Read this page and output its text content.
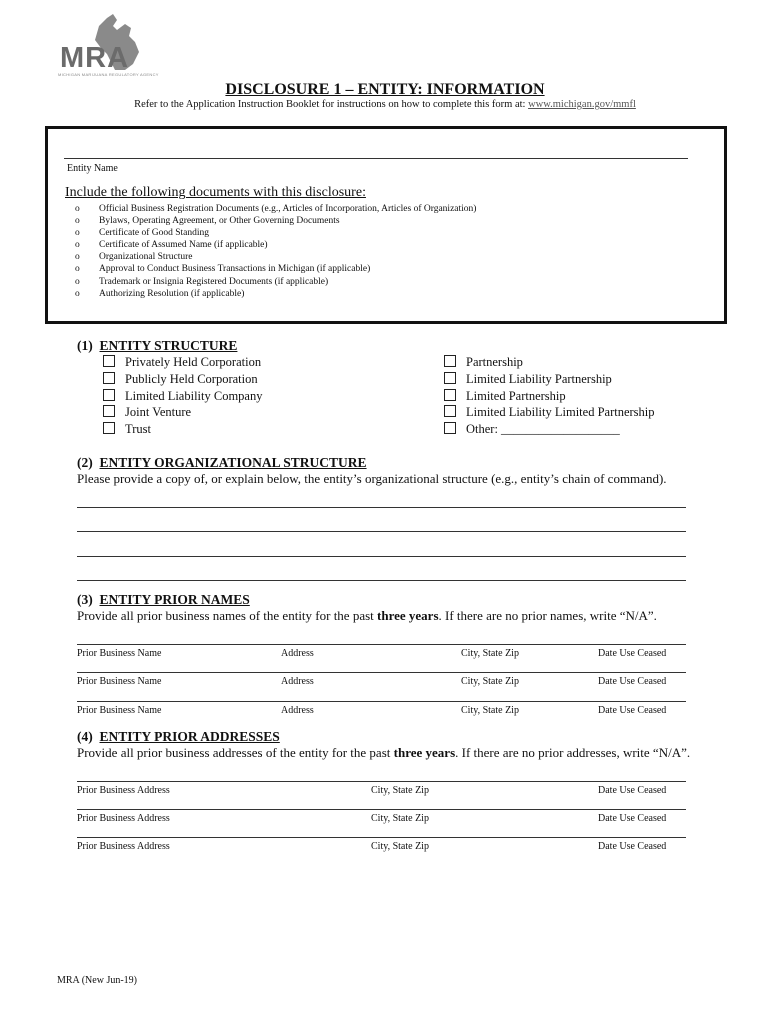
MRA
MICHIGAN MARIJUANA REGULATORY AGENCY
DISCLOSURE 1 – ENTITY: INFORMATION
Refer to the Application Instruction Booklet for instructions on how to complete this form at: www.michigan.gov/mmfl
Entity Name
Include the following documents with this disclosure:
o Official Business Registration Documents (e.g., Articles of Incorporation, Articles of Organization)
o Bylaws, Operating Agreement, or Other Governing Documents
o Certificate of Good Standing
o Certificate of Assumed Name (if applicable)
o Organizational Structure
o Approval to Conduct Business Transactions in Michigan (if applicable)
o Trademark or Insignia Registered Documents (if applicable)
o Authorizing Resolution (if applicable)
(1) ENTITY STRUCTURE
Privately Held Corporation
Publicly Held Corporation
Limited Liability Company
Joint Venture
Trust
Partnership
Limited Liability Partnership
Limited Partnership
Limited Liability Limited Partnership
Other: ___________________
(2) ENTITY ORGANIZATIONAL STRUCTURE
Please provide a copy of, or explain below, the entity’s organizational structure (e.g., entity’s chain of command).
(3) ENTITY PRIOR NAMES
Provide all prior business names of the entity for the past three years. If there are no prior names, write “N/A”.
Prior Business Name	Address	City, State Zip	Date Use Ceased
Prior Business Name	Address	City, State Zip	Date Use Ceased
Prior Business Name	Address	City, State Zip	Date Use Ceased
(4) ENTITY PRIOR ADDRESSES
Provide all prior business addresses of the entity for the past three years. If there are no prior addresses, write “N/A”.
Prior Business Address	City, State Zip	Date Use Ceased
Prior Business Address	City, State Zip	Date Use Ceased
Prior Business Address	City, State Zip	Date Use Ceased
MRA (New Jun-19)
